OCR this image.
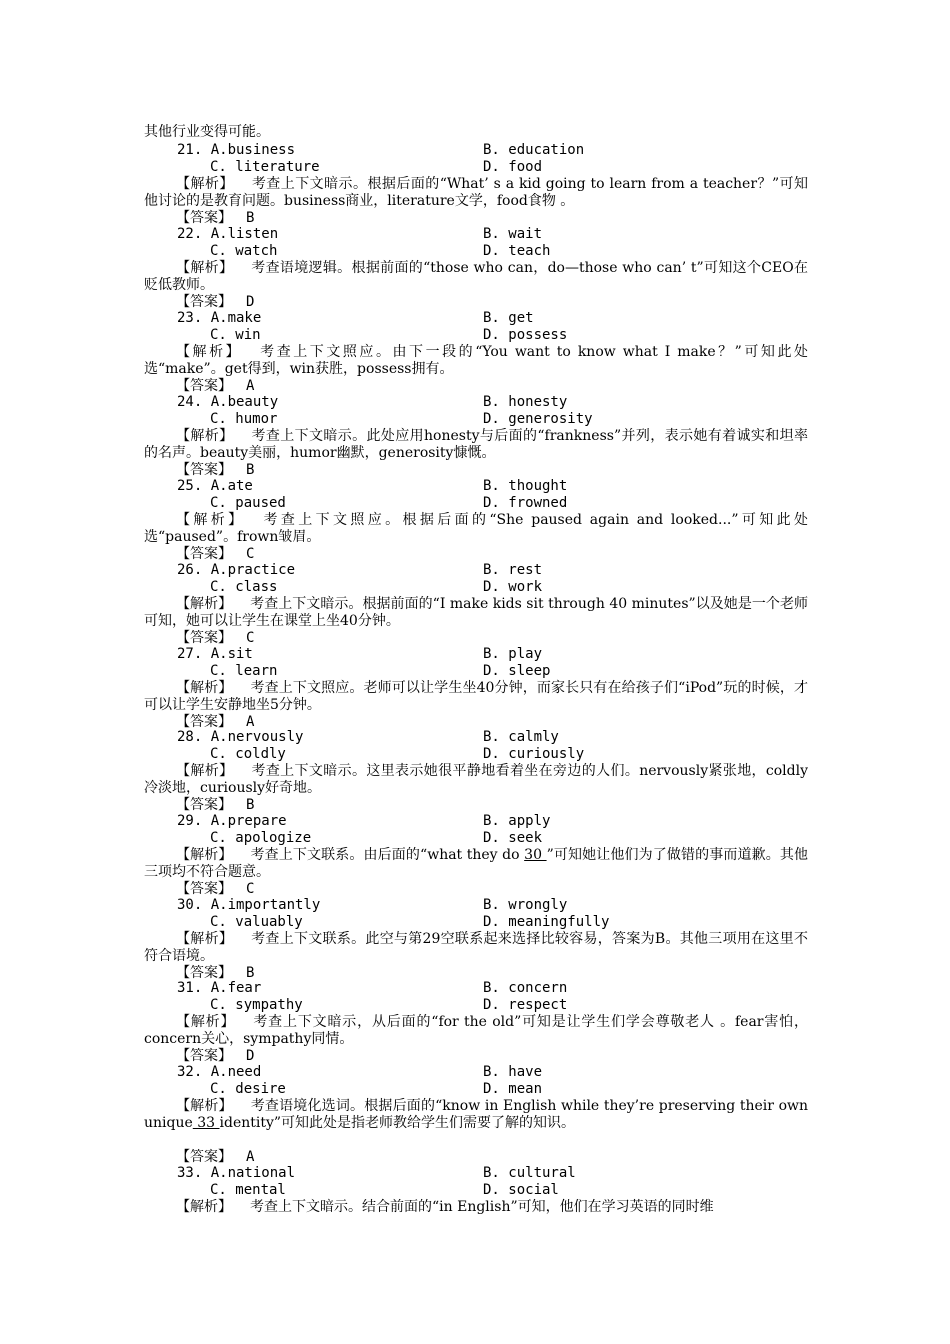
其他行业变得可能。
21. A.business	B. education
C. literature	D. food
【解析】 考查上下文暗示。根据后面的“What’ s a kid going to learn from a teacher？”可知他讨论的是教育问题。business商业，literature文学，food食物 。
【答案】 B
22. A.listen	B. wait
C. watch	D. teach
【解析】 考查语境逻辑。根据前面的“those who can，do—those who can’ t”可知这个CEO在贬低教师。
【答案】 D
23. A.make	B. get
C. win	D. possess
【解析】 考查上下文照应。由下一段的“You want to know what I make？”可知此处选“make”。get得到，win获胜，possess拥有。
【答案】 A
24. A.beauty	B. honesty
C. humor	D. generosity
【解析】 考查上下文暗示。此处应用honesty与后面的“frankness”并列，表示她有着诚实和坦率的名声。beauty美丽，humor幽默，generosity慷慨。
【答案】 B
25. A.ate	B. thought
C. paused	D. frowned
【解析】 考查上下文照应。根据后面的“She paused again and looked...”可知此处选“paused”。frown皱眉。
【答案】 C
26. A.practice	B. rest
C. class	D. work
【解析】 考查上下文暗示。根据前面的“I make kids sit through 40 minutes”以及她是一个老师可知，她可以让学生在课堂上坐40分钟。
【答案】 C
27. A.sit	B. play
C. learn	D. sleep
【解析】 考查上下文照应。老师可以让学生坐40分钟，而家长只有在给孩子们“iPod”玩的时候，才可以让学生安静地坐5分钟。
【答案】 A
28. A.nervously	B. calmly
C. coldly	D. curiously
【解析】 考查上下文暗示。这里表示她很平静地看着坐在旁边的人们。nervously紧张地，coldly冷淡地，curiously好奇地。
【答案】 B
29. A.prepare	B. apply
C. apologize	D. seek
【解析】 考查上下文联系。由后面的“what they do 30 ”可知她让他们为了做错的事而道歉。其他三项均不符合题意。
【答案】 C
30. A.importantly	B. wrongly
C. valuably	D. meaningfully
【解析】 考查上下文联系。此空与第29空联系起来选择比较容易，答案为B。其他三项用在这里不符合语境。
【答案】 B
31. A.fear	B. concern
C. sympathy	D. respect
【解析】 考查上下文暗示，从后面的“for the old”可知是让学生们学会尊敬老人 。fear害怕，concern关心，sympathy同情。
【答案】 D
32. A.need	B. have
C. desire	D. mean
【解析】 考查语境化选词。根据后面的“know in English while they’re preserving their own unique 33 identity”可知此处是指老师教给学生们需要了解的知识。
【答案】 A
33. A.national	B. cultural
C. mental	D. social
【解析】 考查上下文暗示。结合前面的“in English”可知，他们在学习英语的同时维
